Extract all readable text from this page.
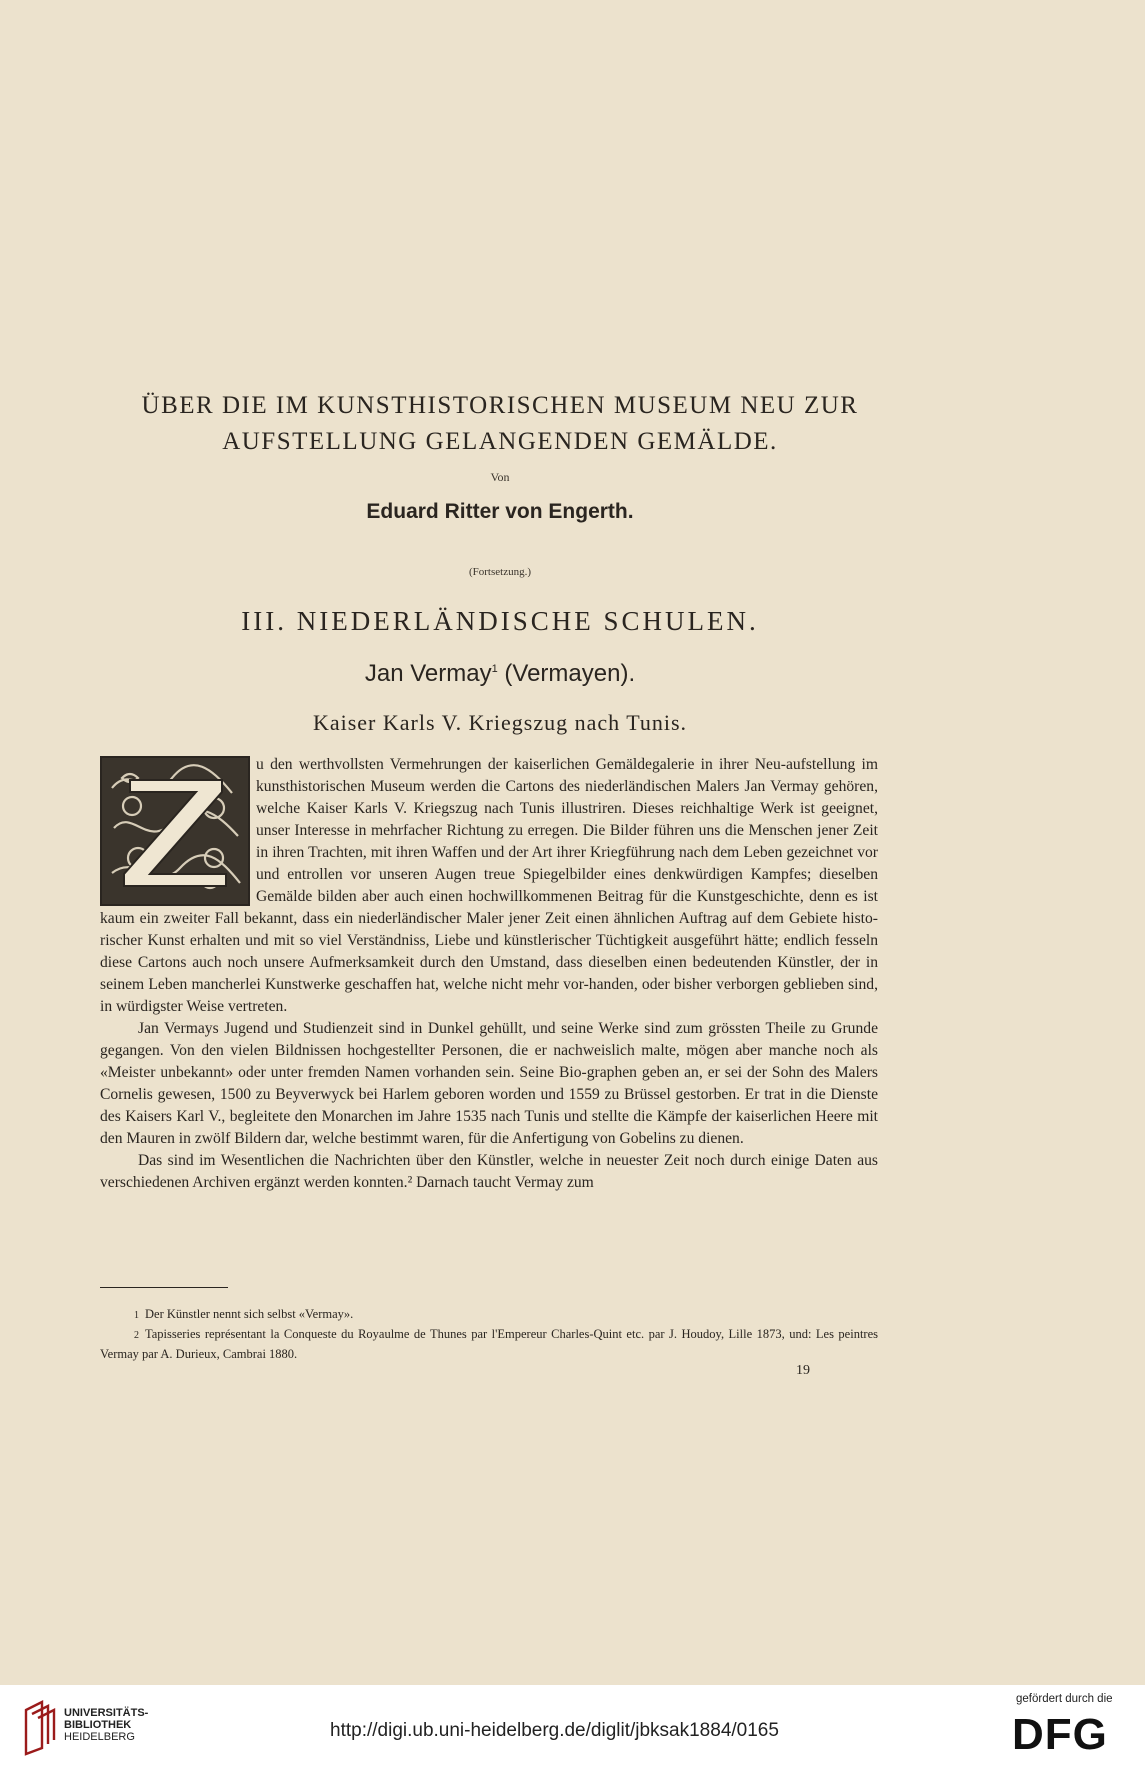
ÜBER DIE IM KUNSTHISTORISCHEN MUSEUM NEU ZUR
AUFSTELLUNG GELANGENDEN GEMÄLDE.
Von
Eduard Ritter von Engerth.
(Fortsetzung.)
III. NIEDERLÄNDISCHE SCHULEN.
Jan Vermay$^1$ (Vermayen).
Kaiser Karls V. Kriegszug nach Tunis.

u den werthvollsten Vermehrungen der kaiserlichen Gemäldegalerie in ihrer Neu-aufstellung im kunsthistorischen Museum werden die Cartons des niederländischen Malers Jan Vermay gehören, welche Kaiser Karls V. Kriegszug nach Tunis illustriren. Dieses reichhaltige Werk ist geeignet, unser Interesse in mehrfacher Richtung zu erregen. Die Bilder führen uns die Menschen jener Zeit in ihren Trachten, mit ihren Waffen und der Art ihrer Kriegführung nach dem Leben gezeichnet vor und entrollen vor unseren Augen treue Spiegelbilder eines denkwürdigen Kampfes; dieselben Gemälde bilden aber auch einen hochwillkommenen Beitrag für die Kunstgeschichte, denn es ist kaum ein zweiter Fall bekannt, dass ein niederländischer Maler jener Zeit einen ähnlichen Auftrag auf dem Gebiete histo-rischer Kunst erhalten und mit so viel Verständniss, Liebe und künstlerischer Tüchtigkeit ausgeführt hätte; endlich fesseln diese Cartons auch noch unsere Aufmerksamkeit durch den Umstand, dass dieselben einen bedeutenden Künstler, der in seinem Leben mancherlei Kunstwerke geschaffen hat, welche nicht mehr vor-handen, oder bisher verborgen geblieben sind, in würdigster Weise vertreten.

Jan Vermays Jugend und Studienzeit sind in Dunkel gehüllt, und seine Werke sind zum grössten Theile zu Grunde gegangen. Von den vielen Bildnissen hochgestellter Personen, die er nachweislich malte, mögen aber manche noch als «Meister unbekannt» oder unter fremden Namen vorhanden sein. Seine Bio-graphen geben an, er sei der Sohn des Malers Cornelis gewesen, 1500 zu Beyverwyck bei Harlem geboren worden und 1559 zu Brüssel gestorben. Er trat in die Dienste des Kaisers Karl V., begleitete den Monarchen im Jahre 1535 nach Tunis und stellte die Kämpfe der kaiserlichen Heere mit den Mauren in zwölf Bildern dar, welche bestimmt waren, für die Anfertigung von Gobelins zu dienen.

Das sind im Wesentlichen die Nachrichten über den Künstler, welche in neuester Zeit noch durch einige Daten aus verschiedenen Archiven ergänzt werden konnten.² Darnach taucht Vermay zum

1 Der Künstler nennt sich selbst «Vermay».

2 Tapisseries représentant la Conqueste du Royaulme de Thunes par l'Empereur Charles-Quint etc. par J. Houdoy, Lille 1873, und: Les peintres Vermay par A. Durieux, Cambrai 1880.

19
UNIVERSITÄTS-
BIBLIOTHEK
HEIDELBERG	http://digi.ub.uni-heidelberg.de/diglit/jbksak1884/0165
gefördert durch die
DFG
